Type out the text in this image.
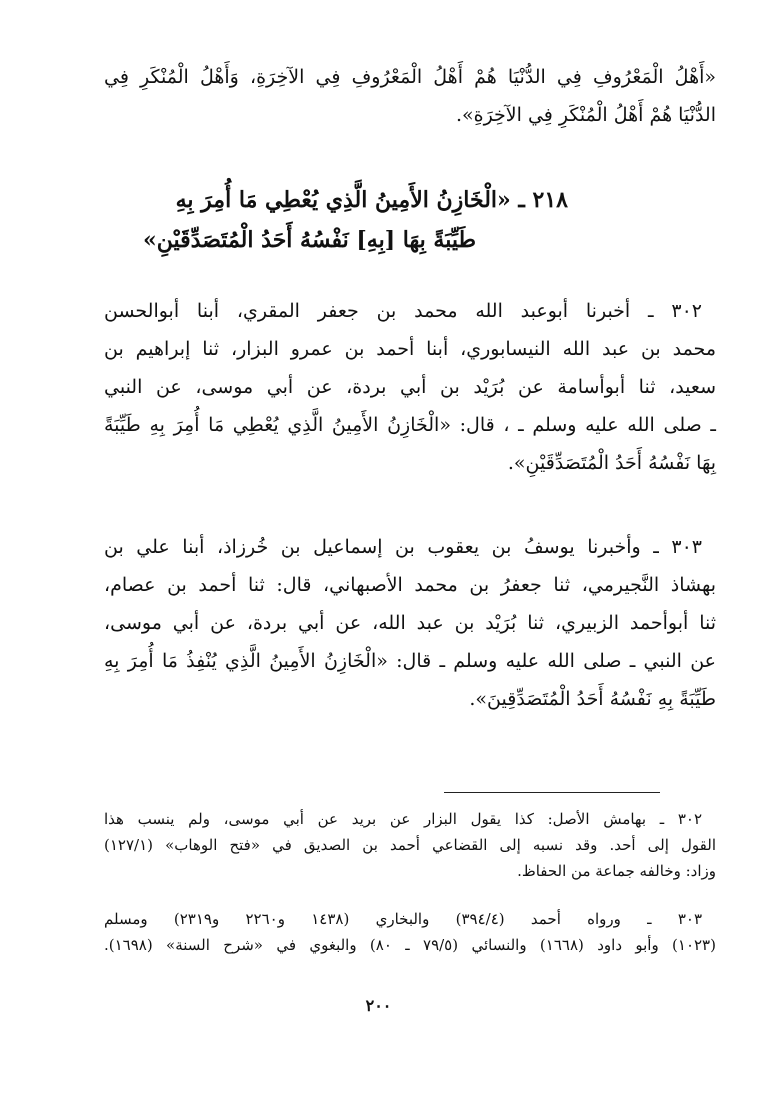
«أَهْلُ الْمَعْرُوفِ فِي الدُّنْيَا هُمْ أَهْلُ الْمَعْرُوفِ فِي الآخِرَةِ، وَأَهْلُ الْمُنْكَرِ فِي
الدُّنْيَا هُمْ أَهْلُ الْمُنْكَرِ فِي الآخِرَةِ».
٢١٨ ـ «الْخَازِنُ الأَمِينُ الَّذِي يُعْطِي مَا أُمِرَ بِهِ
طَيِّبَةً بِهَا [بِهِ] نَفْسُهُ أَحَدُ الْمُتَصَدِّقَيْنِ»
٣٠٢ ـ أخبرنا أبوعبد الله محمد بن جعفر المقري، أبنا أبوالحسن
محمد بن عبد الله النيسابوري، أبنا أحمد بن عمرو البزار، ثنا إبراهيم بن
سعيد، ثنا أبوأسامة عن بُرَيْد بن أبي بردة، عن أبي موسى، عن النبي
ـ صلى الله عليه وسلم ـ ، قال: «الْخَازِنُ الأَمِينُ الَّذِي يُعْطِي مَا أُمِرَ بِهِ طَيِّبَةً
بِهَا نَفْسُهُ أَحَدُ الْمُتَصَدِّقَيْنِ».
٣٠٣ ـ وأخبرنا يوسفُ بن يعقوب بن إسماعيل بن خُرزاذ، أبنا علي بن
بهشاذ النَّجيرمي، ثنا جعفرُ بن محمد الأصبهاني، قال: ثنا أحمد بن عصام،
ثنا أبوأحمد الزبيري، ثنا بُرَيْد بن عبد الله، عن أبي بردة، عن أبي موسى،
عن النبي ـ صلى الله عليه وسلم ـ قال: «الْخَازِنُ الأَمِينُ الَّذِي يُنْفِذُ مَا أُمِرَ بِهِ
طَيِّبَةً بِهِ نَفْسُهُ أَحَدُ الْمُتَصَدِّقِينَ».
٣٠٢ ـ بهامش الأصل: كذا يقول البزار عن بريد عن أبي موسى، ولم ينسب هذا
القول إلى أحد. وقد نسبه إلى القضاعي أحمد بن الصديق في «فتح الوهاب» (١٢٧/١)
وزاد: وخالفه جماعة من الحفاظ.
٣٠٣ ـ ورواه أحمد (٣٩٤/٤) والبخاري (١٤٣٨ و٢٢٦٠ و٢٣١٩) ومسلم
(١٠٢٣) وأبو داود (١٦٦٨) والنسائي (٧٩/٥ ـ ٨٠) والبغوي في «شرح السنة» (١٦٩٨).
٢٠٠
